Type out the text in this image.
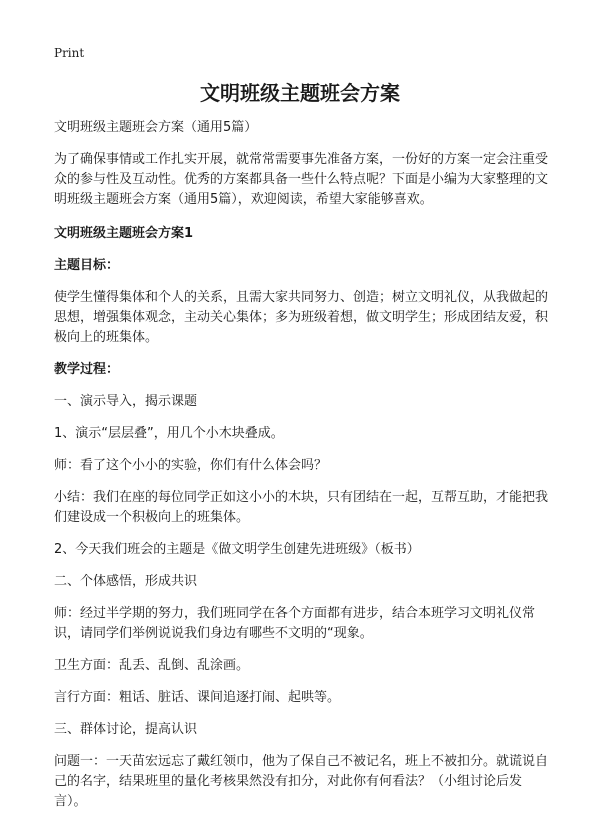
Print
文明班级主题班会方案

文明班级主题班会方案（通用5篇）

为了确保事情或工作扎实开展，就常常需要事先准备方案，一份好的方案一定会注重受众的参与性及互动性。优秀的方案都具备一些什么特点呢？下面是小编为大家整理的文明班级主题班会方案（通用5篇），欢迎阅读，希望大家能够喜欢。

文明班级主题班会方案1

主题目标：

使学生懂得集体和个人的关系，且需大家共同努力、创造；树立文明礼仪，从我做起的思想，增强集体观念，主动关心集体；多为班级着想，做文明学生；形成团结友爱，积极向上的班集体。

教学过程：

一、演示导入，揭示课题

1、演示“层层叠”，用几个小木块叠成。

师：看了这个小小的实验，你们有什么体会吗？

小结：我们在座的每位同学正如这小小的木块，只有团结在一起，互帮互助，才能把我们建设成一个积极向上的班集体。

2、今天我们班会的主题是《做文明学生创建先进班级》（板书）

二、个体感悟，形成共识

师：经过半学期的努力，我们班同学在各个方面都有进步，结合本班学习文明礼仪常识，请同学们举例说说我们身边有哪些不文明的“现象。

卫生方面：乱丢、乱倒、乱涂画。

言行方面：粗话、脏话、课间追逐打闹、起哄等。

三、群体讨论，提高认识

问题一：一天苗宏远忘了戴红领巾，他为了保自己不被记名，班上不被扣分。就谎说自己的名字，结果班里的量化考核果然没有扣分，对此你有何看法？（小组讨论后发言）。
